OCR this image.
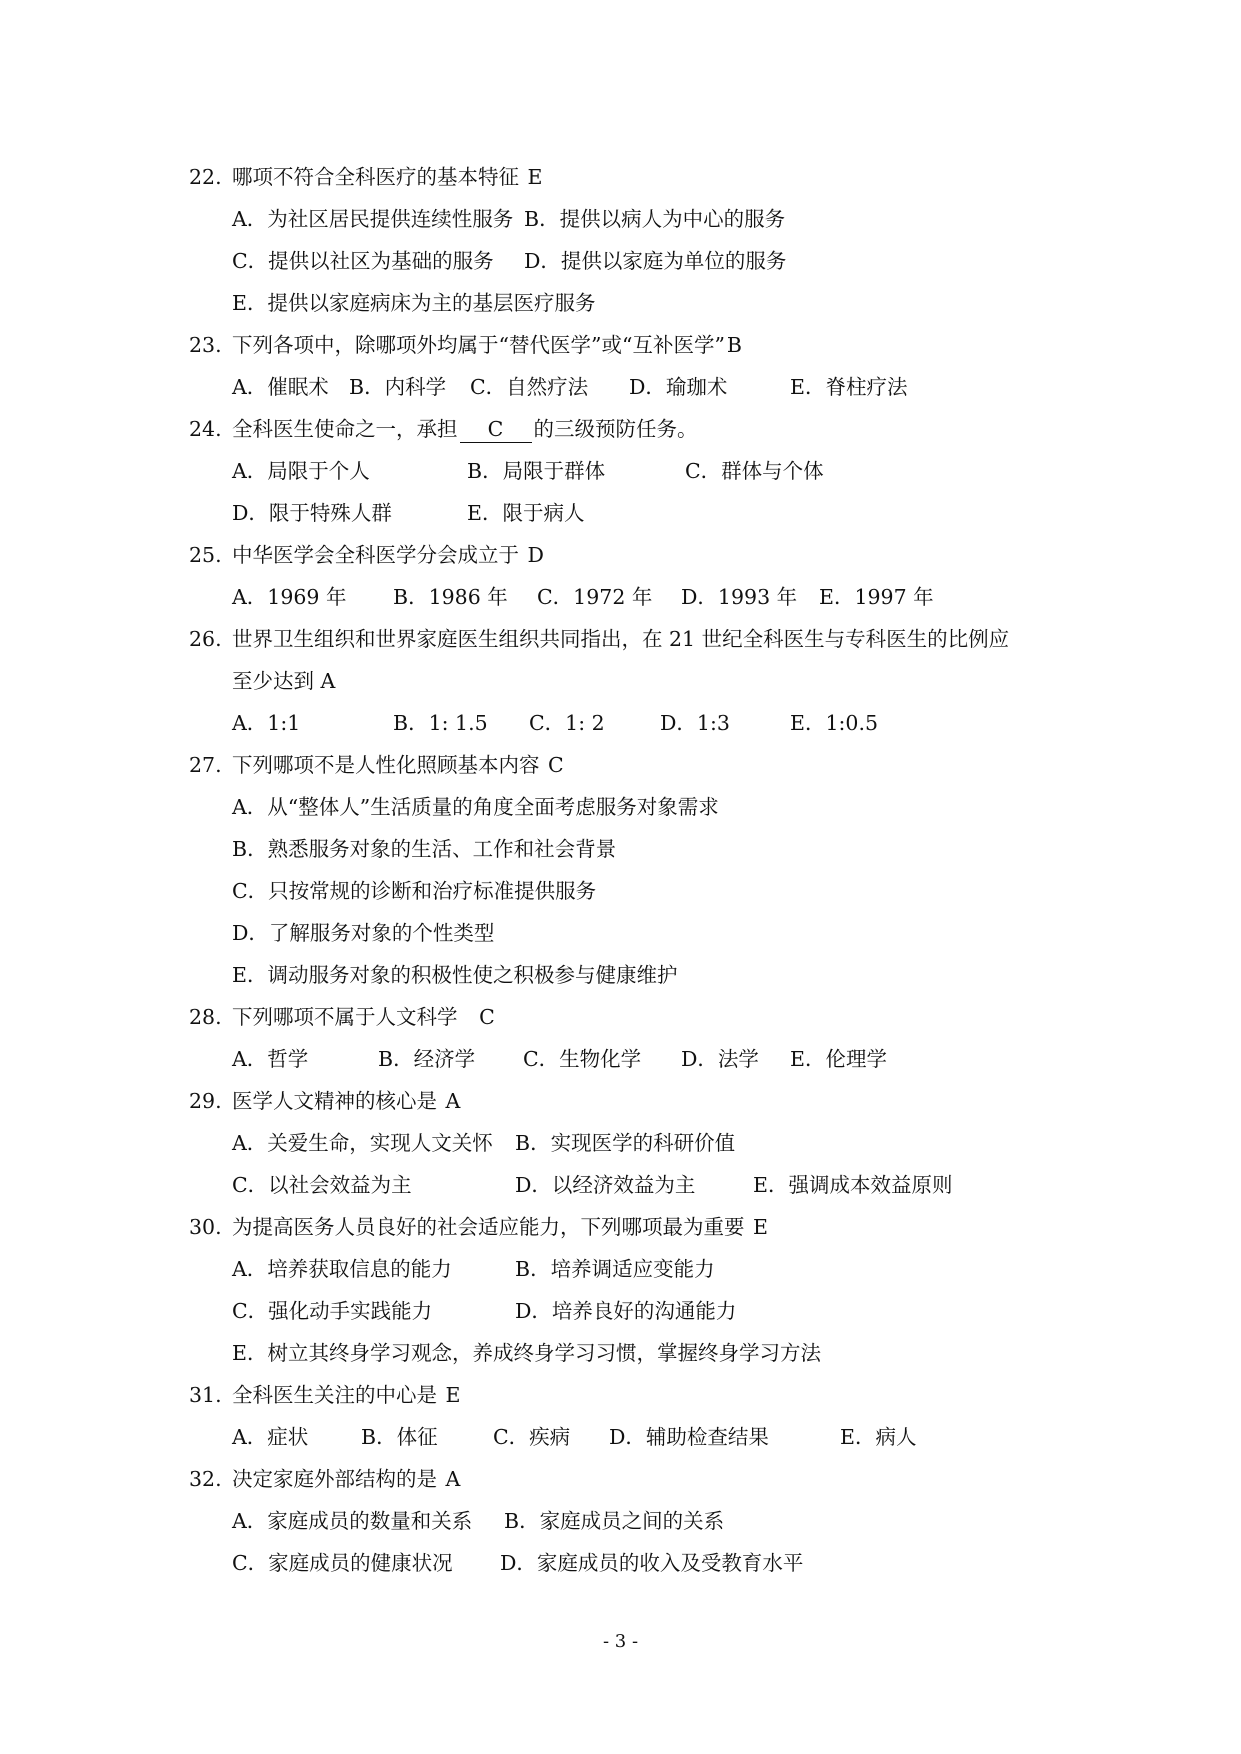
22. 哪项不符合全科医疗的基本特征 E
A．为社区居民提供连续性服务 B．提供以病人为中心的服务
C．提供以社区为基础的服务 D．提供以家庭为单位的服务
E．提供以家庭病床为主的基层医疗服务
23. 下列各项中，除哪项外均属于“替代医学”或“互补医学”B
A．催眠术 B．内科学 C．自然疗法 D．瑜珈术	E．脊柱疗法
24. 全科医生使命之一，承担 C 的三级预防任务。
A．局限于个人	B．局限于群体	C．群体与个体
D．限于特殊人群	E．限于病人
25. 中华医学会全科医学分会成立于 D
A．1969 年 B．1986 年 C．1972 年 D．1993 年 E．1997 年
26. 世界卫生组织和世界家庭医生组织共同指出，在 21 世纪全科医生与专科医生的比例应
至少达到 A
A．1:1	B．1: 1.5 C．1: 2	D．1:3	E．1:0.5
27. 下列哪项不是人性化照顾基本内容 C
A．从“整体人”生活质量的角度全面考虑服务对象需求
B．熟悉服务对象的生活、工作和社会背景
C．只按常规的诊断和治疗标准提供服务
D．了解服务对象的个性类型
E．调动服务对象的积极性使之积极参与健康维护
28. 下列哪项不属于人文科学 C
A．哲学	B．经济学 C．生物化学 D．法学 E．伦理学
29. 医学人文精神的核心是 A
A．关爱生命，实现人文关怀 B．实现医学的科研价值
C．以社会效益为主	D．以经济效益为主	E．强调成本效益原则
30. 为提高医务人员良好的社会适应能力，下列哪项最为重要 E
A．培养获取信息的能力	B．培养调适应变能力
C．强化动手实践能力	D．培养良好的沟通能力
E．树立其终身学习观念，养成终身学习习惯，掌握终身学习方法
31. 全科医生关注的中心是 E
A．症状	B．体征	C．疾病 D．辅助检查结果	E．病人
32. 决定家庭外部结构的是 A
A．家庭成员的数量和关系 B．家庭成员之间的关系
C．家庭成员的健康状况 D．家庭成员的收入及受教育水平
- 3 -
